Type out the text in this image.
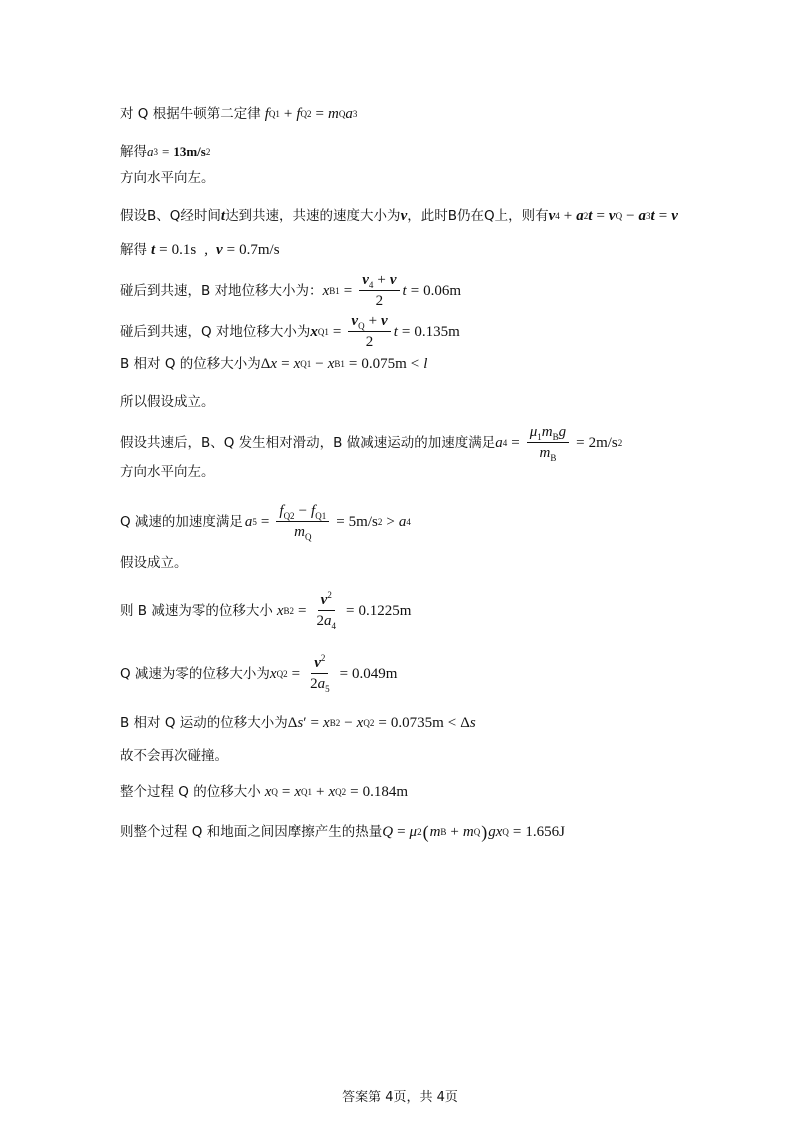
对 Q 根据牛顿第二定律 f Q1 + f Q2 = m Q a 3
解得 a 3 = 13m/s 2
方向水平向左。
假设B、Q经时间 t 达到共速，共速的速度大小为 v ，此时B仍在Q上，则有 v 4 + a 2 t = v Q − a 3 t = v
解得 t = 0.1s , v = 0.7m/s
碰后到共速，B 对地位移大小为： x $B1 = \frac{v_4 + v}{2}$ t = 0.06m
碰后到共速，Q 对地位移大小为 x $Q1 = \frac{v_Q + v}{2}$ t = 0.135m
B 相对 Q 的位移大小为 Δ x = x Q1 − x B1 = 0.075m < l
所以假设成立。
假设共速后，B、Q 发生相对滑动，B 做减速运动的加速度满足 a $4 = \frac{\mu_1m_Bg}{m_B} = 2m/s$ 2
方向水平向左。
Q 减速的加速度满足 a $5 = \frac{f_{Q2} - f_{Q1}}{m_Q} = 5m/s$ 2 > a 4
假设成立。
则 B 减速为零的位移大小 x $B2 = \frac{v^2}{2a_4} = 0.1225m$
Q 减速为零的位移大小为 x $Q2 = \frac{v^2}{2a_5} = 0.049m$
B 相对 Q 运动的位移大小为 Δ s ′ = x B2 − x Q2 = 0.0735m < Δ s
故不会再次碰撞。
整个过程 Q 的位移大小 x Q = x Q1 + x Q2 = 0.184m
则整个过程 Q 和地面之间因摩擦产生的热量 Q = μ 2 ( m B + m Q ) g x Q = 1.656J
答案第 4页，共 4页
